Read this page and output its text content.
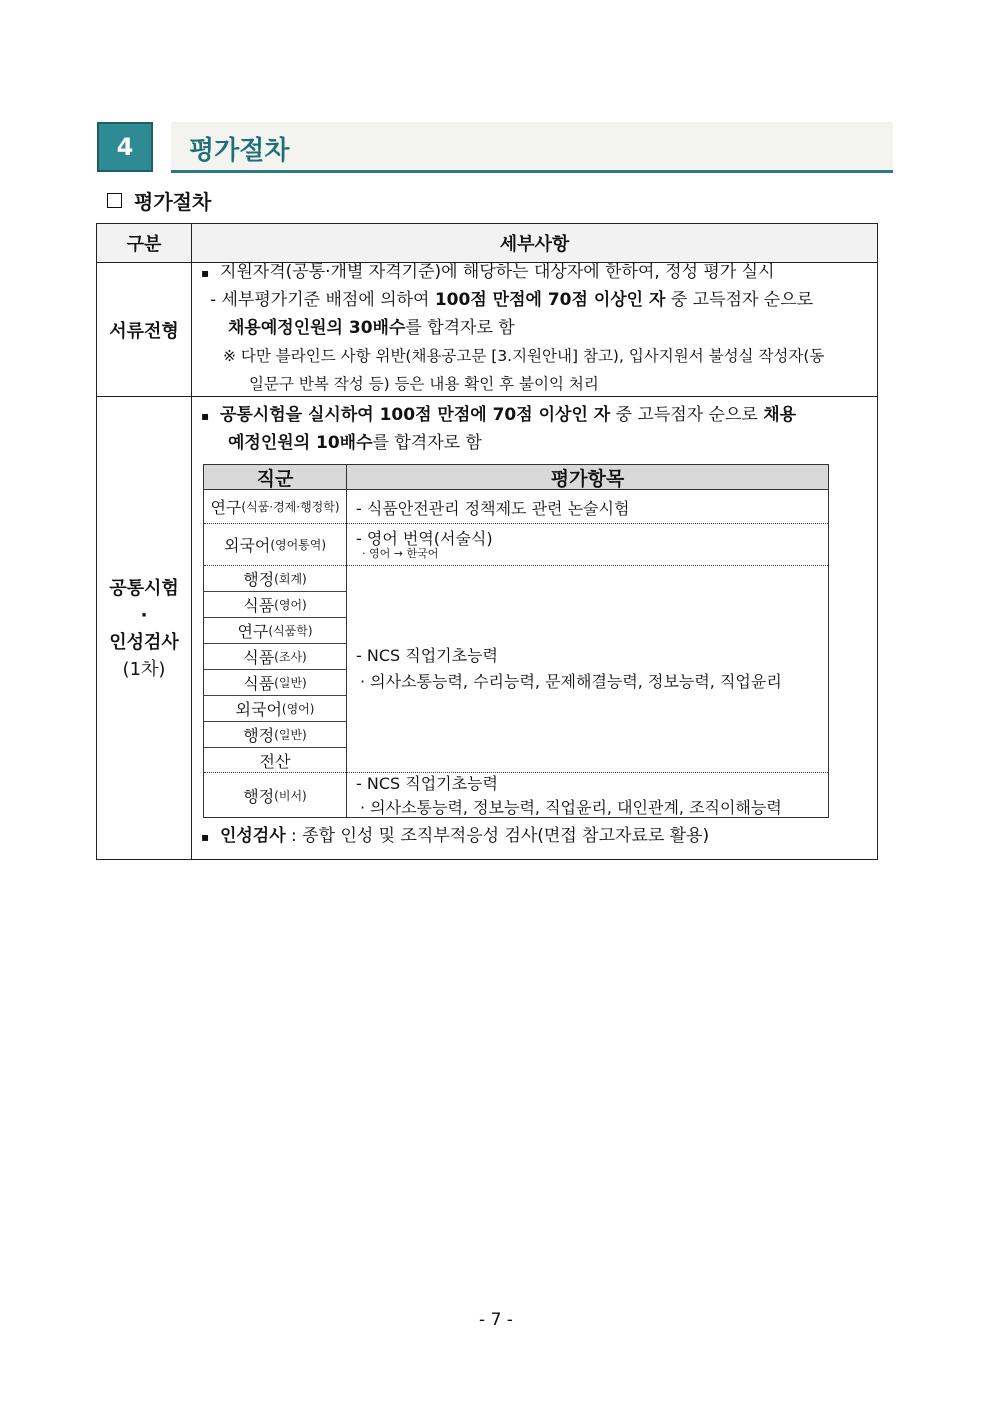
4	평가절차
평가절차
구분	세부사항
서류전형
▪ 지원자격(공통·개별 자격기준)에 해당하는 대상자에 한하여, 정성 평가 실시
- 세부평가기준 배점에 의하여 100점 만점에 70점 이상인 자 중 고득점자 순으로
채용예정인원의 30배수를 합격자로 함
※ 다만 블라인드 사항 위반(채용공고문 [3.지원안내] 참고), 입사지원서 불성실 작성자(동
일문구 반복 작성 등) 등은 내용 확인 후 불이익 처리
공통시험
·
인성검사
(1차)
▪ 공통시험을 실시하여 100점 만점에 70점 이상인 자 중 고득점자 순으로 채용
예정인원의 10배수를 합격자로 함
직군	평가항목
연구 (식품·경제·행정학) - 식품안전관리 정책제도 관련 논술시험
외국어 (영어통역) - 영어 번역(서술식)
· 영어 → 한국어
행정 (회계)
식품 (영어)
연구 (식품학)
식품 (조사)
식품 (일반)
외국어 (영어)
행정 (일반)
전산
- NCS 직업기초능력
· 의사소통능력, 수리능력, 문제해결능력, 정보능력, 직업윤리
행정 (비서)
- NCS 직업기초능력
· 의사소통능력, 정보능력, 직업윤리, 대인관계, 조직이해능력
▪ 인성검사 : 종합 인성 및 조직부적응성 검사(면접 참고자료로 활용)
- 7 -
